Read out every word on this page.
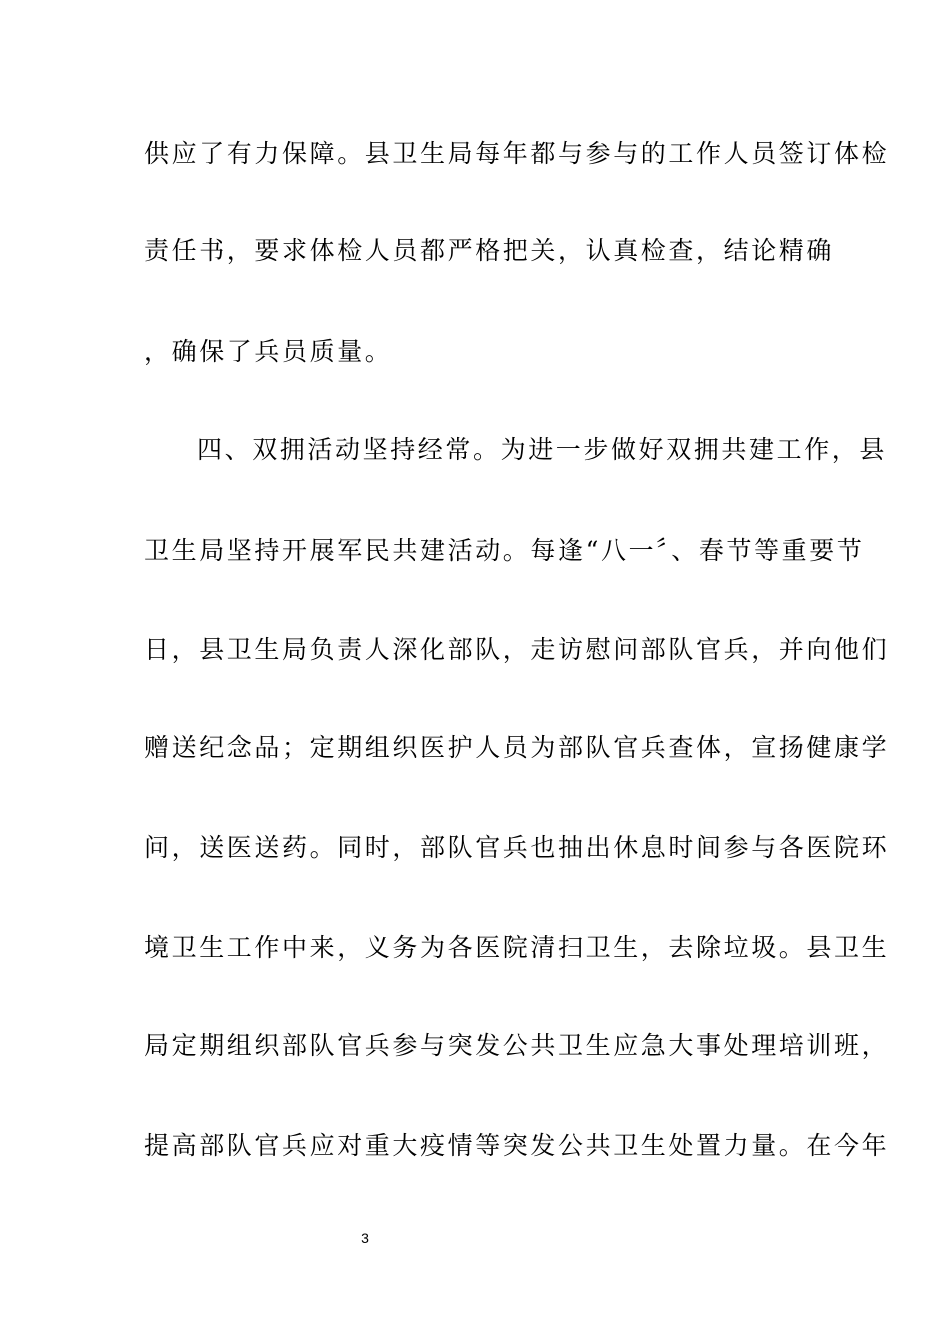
供应了有力保障。县卫生局每年都与参与的工作人员签订体检
责任书，要求体检人员都严格把关，认真检查，结论精确
，确保了兵员质量。
四、双拥活动坚持经常。为进一步做好双拥共建工作，县
卫生局坚持开展军民共建活动。每逢“八一〞、春节等重要节
日，县卫生局负责人深化部队，走访慰问部队官兵，并向他们
赠送纪念品；定期组织医护人员为部队官兵查体，宣扬健康学
问，送医送药。同时，部队官兵也抽出休息时间参与各医院环
境卫生工作中来，义务为各医院清扫卫生，去除垃圾。县卫生
局定期组织部队官兵参与突发公共卫生应急大事处理培训班，
提高部队官兵应对重大疫情等突发公共卫生处置力量。在今年
3
